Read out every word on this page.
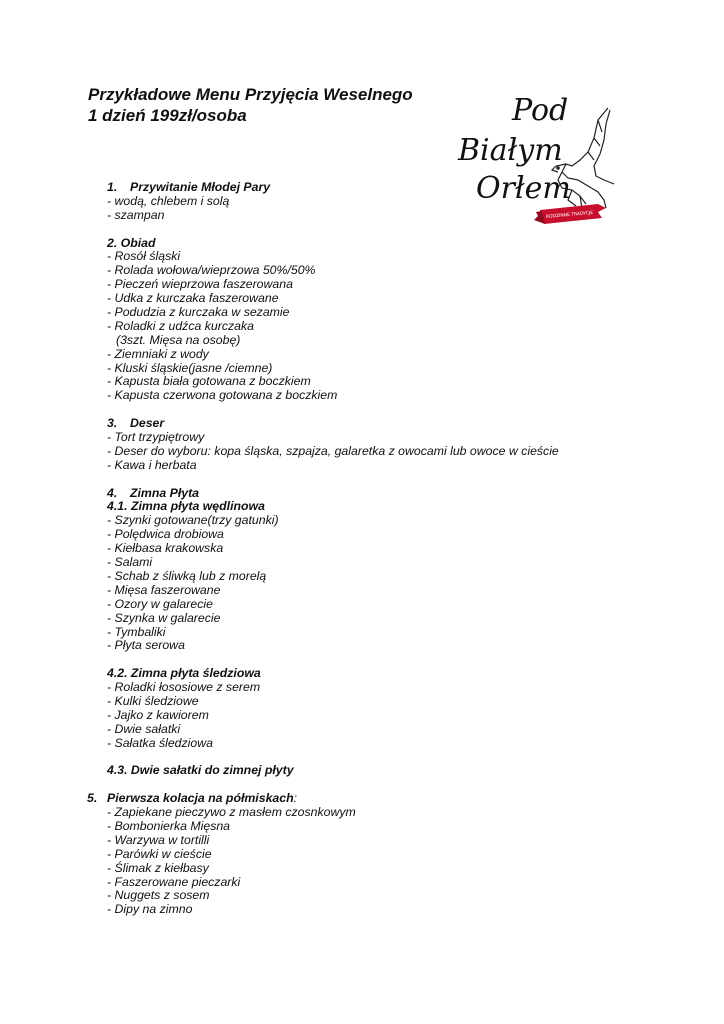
Przykładowe Menu Przyjęcia Weselnego
1 dzień 199zł/osoba	Pod
Białym
Orłem
RODZINNE TRADYCJE
1. Przywitanie Młodej Pary
- wodą, chlebem i solą
- szampan
2. Obiad
- Rosół śląski
- Rolada wołowa/wieprzowa 50%/50%
- Pieczeń wieprzowa faszerowana
- Udka z kurczaka faszerowane
- Podudzia z kurczaka w sezamie
- Roladki z udźca kurczaka
(3szt. Mięsa na osobę)
- Ziemniaki z wody
- Kluski śląskie(jasne /ciemne)
- Kapusta biała gotowana z boczkiem
- Kapusta czerwona gotowana z boczkiem
3. Deser
- Tort trzypiętrowy
- Deser do wyboru: kopa śląska, szpajza, galaretka z owocami lub owoce w cieście
- Kawa i herbata
4. Zimna Płyta
4.1. Zimna płyta wędlinowa
- Szynki gotowane(trzy gatunki)
- Polędwica drobiowa
- Kiełbasa krakowska
- Salami
- Schab z śliwką lub z morelą
- Mięsa faszerowane
- Ozory w galarecie
- Szynka w galarecie
- Tymbaliki
- Płyta serowa
4.2. Zimna płyta śledziowa
- Roladki łososiowe z serem
- Kulki śledziowe
- Jajko z kawiorem
- Dwie sałatki
- Sałatka śledziowa
4.3. Dwie sałatki do zimnej płyty
5. Pierwsza kolacja na półmiskach:
- Zapiekane pieczywo z masłem czosnkowym
- Bombonierka Mięsna
- Warzywa w tortilli
- Parówki w cieście
- Ślimak z kiełbasy
- Faszerowane pieczarki
- Nuggets z sosem
- Dipy na zimno
